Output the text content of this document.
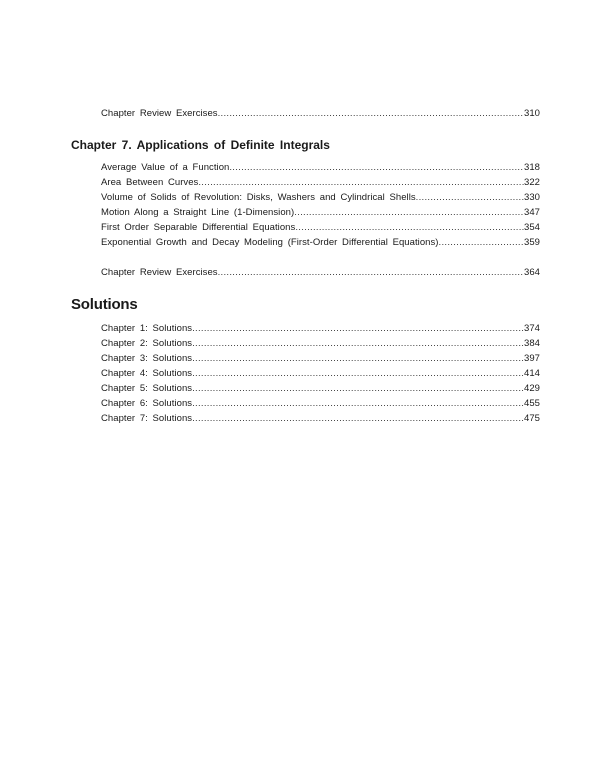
Chapter Review Exercises .....	310
Chapter 7. Applications of Definite Integrals
Average Value of a Function .....	318
Area Between Curves .....	322
Volume of Solids of Revolution: Disks, Washers and Cylindrical Shells .....	330
Motion Along a Straight Line (1-Dimension) .....	347
First Order Separable Differential Equations .....	354
Exponential Growth and Decay Modeling (First-Order Differential Equations) .....	359
Chapter Review Exercises .....	364
Solutions
Chapter 1: Solutions .....	374
Chapter 2: Solutions .....	384
Chapter 3: Solutions .....	397
Chapter 4: Solutions .....	414
Chapter 5: Solutions .....	429
Chapter 6: Solutions .....	455
Chapter 7: Solutions .....	475
